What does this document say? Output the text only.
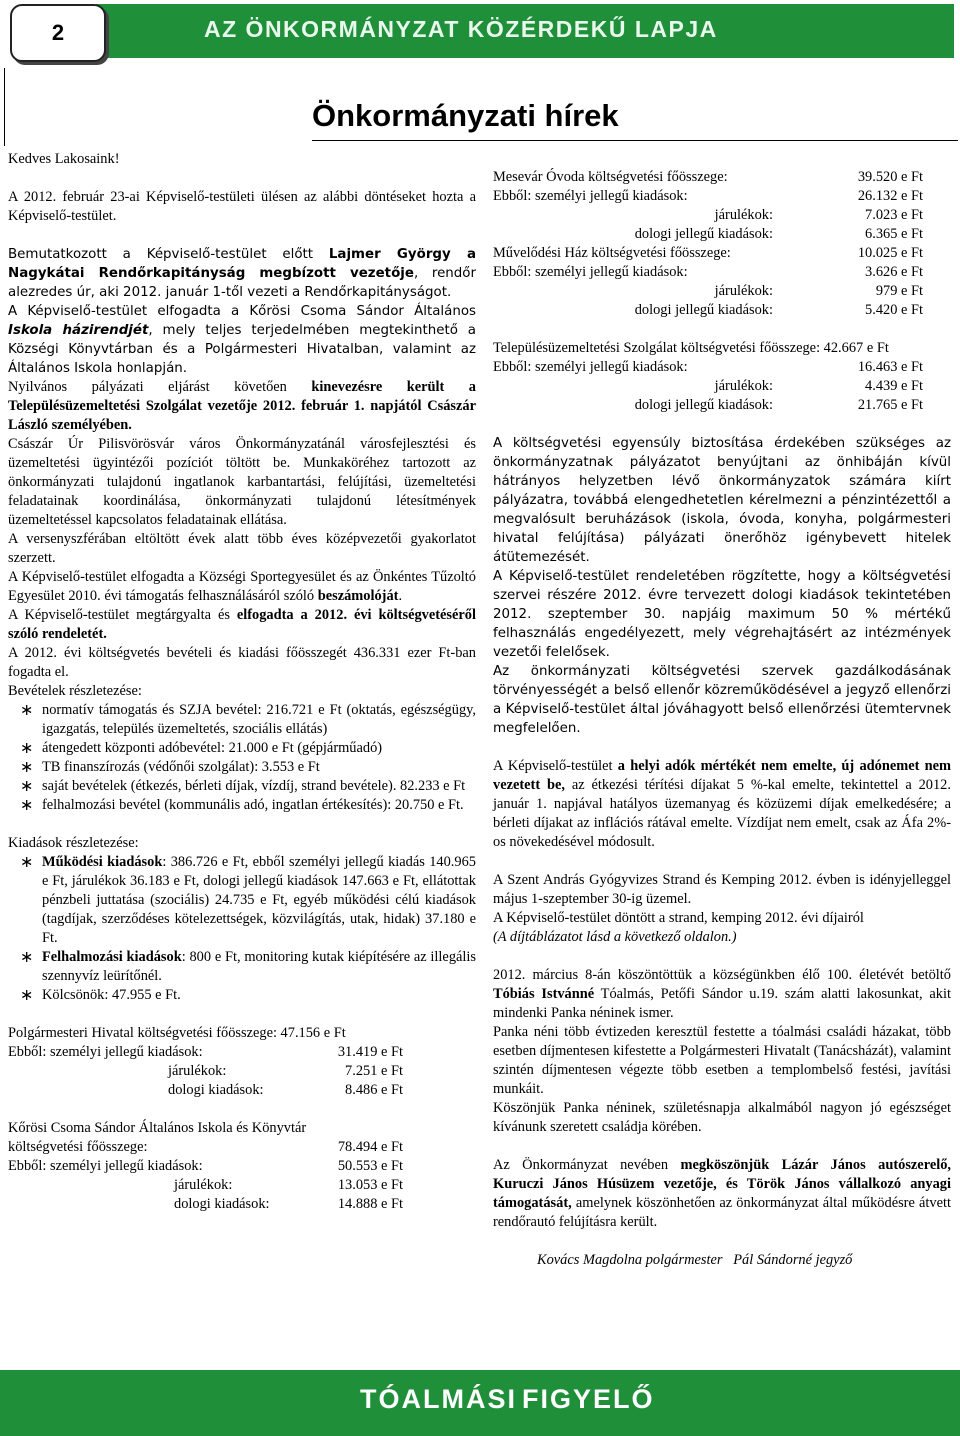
AZ ÖNKORMÁNYZAT KÖZÉRDEKŰ LAPJA
2
Önkormányzati hírek

Kedves Lakosaink!

A 2012. február 23-ai Képviselő-testületi ülésen az alábbi döntéseket hozta a Képviselő-testület.

Bemutatkozott a Képviselő-testület előtt Lajmer György a Nagykátai Rendőrkapitányság megbízott vezetője, rendőr alezredes úr, aki 2012. január 1-től vezeti a Rendőrkapitányságot.

A Képviselő-testület elfogadta a Kőrösi Csoma Sándor Általános Iskola házirendjét, mely teljes terjedelmében megtekinthető a Községi Könyvtárban és a Polgármesteri Hivatalban, valamint az Általános Iskola honlapján.

Nyilvános pályázati eljárást követően kinevezésre került a Településüzemeltetési Szolgálat vezetője 2012. február 1. napjától Császár László személyében.

Császár Úr Pilisvörösvár város Önkormányzatánál városfejlesztési és üzemeltetési ügyintézői pozíciót töltött be. Munkaköréhez tartozott az önkormányzati tulajdonú ingatlanok karbantartási, felújítási, üzemeltetési feladatainak koordinálása, önkormányzati tulajdonú létesítmények üzemeltetéssel kapcsolatos feladatainak ellátása.

A versenyszférában eltöltött évek alatt több éves középvezetői gyakorlatot szerzett.

A Képviselő-testület elfogadta a Községi Sportegyesület és az Önkéntes Tűzoltó Egyesület 2010. évi támogatás felhasználásáról szóló beszámolóját.

A Képviselő-testület megtárgyalta és elfogadta a 2012. évi költségvetéséről szóló rendeletét.

A 2012. évi költségvetés bevételi és kiadási főösszegét 436.331 ezer Ft-ban fogadta el.

Bevételek részletezése:

∗ normatív támogatás és SZJA bevétel: 216.721 e Ft (oktatás, egészségügy, igazgatás, település üzemeltetés, szociális ellátás)
∗ átengedett központi adóbevétel: 21.000 e Ft (gépjárműadó)
∗ TB finanszírozás (védőnői szolgálat): 3.553 e Ft
∗ saját bevételek (étkezés, bérleti díjak, vízdíj, strand bevétele). 82.233 e Ft
∗ felhalmozási bevétel (kommunális adó, ingatlan értékesítés): 20.750 e Ft.

Kiadások részletezése:

∗ Működési kiadások: 386.726 e Ft, ebből személyi jellegű kiadás 140.965 e Ft, járulékok 36.183 e Ft, dologi jellegű kiadások 147.663 e Ft, ellátottak pénzbeli juttatása (szociális) 24.735 e Ft, egyéb működési célú kiadások (tagdíjak, szerződéses kötelezettségek, közvilágítás, utak, hidak) 37.180 e Ft.
∗ Felhalmozási kiadások: 800 e Ft, monitoring kutak kiépítésére az illegális szennyvíz leürítőnél.
∗ Kölcsönök: 47.955 e Ft.

Polgármesteri Hivatal költségvetési főösszege: 47.156 e Ft

Ebből: személyi jellegű kiadások:	31.419 e Ft
járulékok:	7.251 e Ft
dologi kiadások:	8.486 e Ft

Kőrösi Csoma Sándor Általános Iskola és Könyvtár

költségvetési főösszege:	78.494 e Ft
Ebből: személyi jellegű kiadások:	50.553 e Ft
járulékok:	13.053 e Ft
dologi kiadások:	14.888 e Ft
Mesevár Óvoda költségvetési főösszege:	39.520 e Ft
Ebből: személyi jellegű kiadások:	26.132 e Ft
járulékok:	7.023 e Ft
dologi jellegű kiadások:	6.365 e Ft
Művelődési Ház költségvetési főösszege:	10.025 e Ft
Ebből: személyi jellegű kiadások:	3.626 e Ft
járulékok:	979 e Ft
dologi jellegű kiadások:	5.420 e Ft

Településüzemeltetési Szolgálat költségvetési főösszege: 42.667 e Ft

Ebből: személyi jellegű kiadások:	16.463 e Ft
járulékok:	4.439 e Ft
dologi jellegű kiadások:	21.765 e Ft

A költségvetési egyensúly biztosítása érdekében szükséges az önkormányzatnak pályázatot benyújtani az önhibáján kívül hátrányos helyzetben lévő önkormányzatok számára kiírt pályázatra, továbbá elengedhetetlen kérelmezni a pénzintézettől a megvalósult beruházások (iskola, óvoda, konyha, polgármesteri hivatal felújítása) pályázati önerőhöz igénybevett hitelek átütemezését.

A Képviselő-testület rendeletében rögzítette, hogy a költségvetési szervei részére 2012. évre tervezett dologi kiadások tekintetében 2012. szeptember 30. napjáig maximum 50 % mértékű felhasználás engedélyezett, mely végrehajtásért az intézmények vezetői felelősek.

Az önkormányzati költségvetési szervek gazdálkodásának törvényességét a belső ellenőr közreműködésével a jegyző ellenőrzi a Képviselő-testület által jóváhagyott belső ellenőrzési ütemtervnek megfelelően.

A Képviselő-testület a helyi adók mértékét nem emelte, új adónemet nem vezetett be, az étkezési térítési díjakat 5 %-kal emelte, tekintettel a 2012. január 1. napjával hatályos üzemanyag és közüzemi díjak emelkedésére; a bérleti díjakat az inflációs rátával emelte. Vízdíjat nem emelt, csak az Áfa 2%-os növekedésével módosult.

A Szent András Gyógyvizes Strand és Kemping 2012. évben is idényjelleggel május 1-szeptember 30-ig üzemel.

A Képviselő-testület döntött a strand, kemping 2012. évi díjairól

(A díjtáblázatot lásd a következő oldalon.)

2012. március 8-án köszöntöttük a községünkben élő 100. életévét betöltő Tóbiás Istvánné Tóalmás, Petőfi Sándor u.19. szám alatti lakosunkat, akit mindenki Panka néninek ismer.

Panka néni több évtizeden keresztül festette a tóalmási családi házakat, több esetben díjmentesen kifestette a Polgármesteri Hivatalt (Tanácsházát), valamint szintén díjmentesen végezte több esetben a templombelső festési, javítási munkáit.

Köszönjük Panka néninek, születésnapja alkalmából nagyon jó egészséget kívánunk szeretett családja körében.

Az Önkormányzat nevében megköszönjük Lázár János autószerelő, Kuruczi János Húsüzem vezetője, és Török János vállalkozó anyagi támogatását, amelynek köszönhetően az önkormányzat által működésre átvett rendőrautó felújításra került.

Kovács Magdolna polgármester Pál Sándorné jegyző

TÓALMÁSI FIGYELŐ
